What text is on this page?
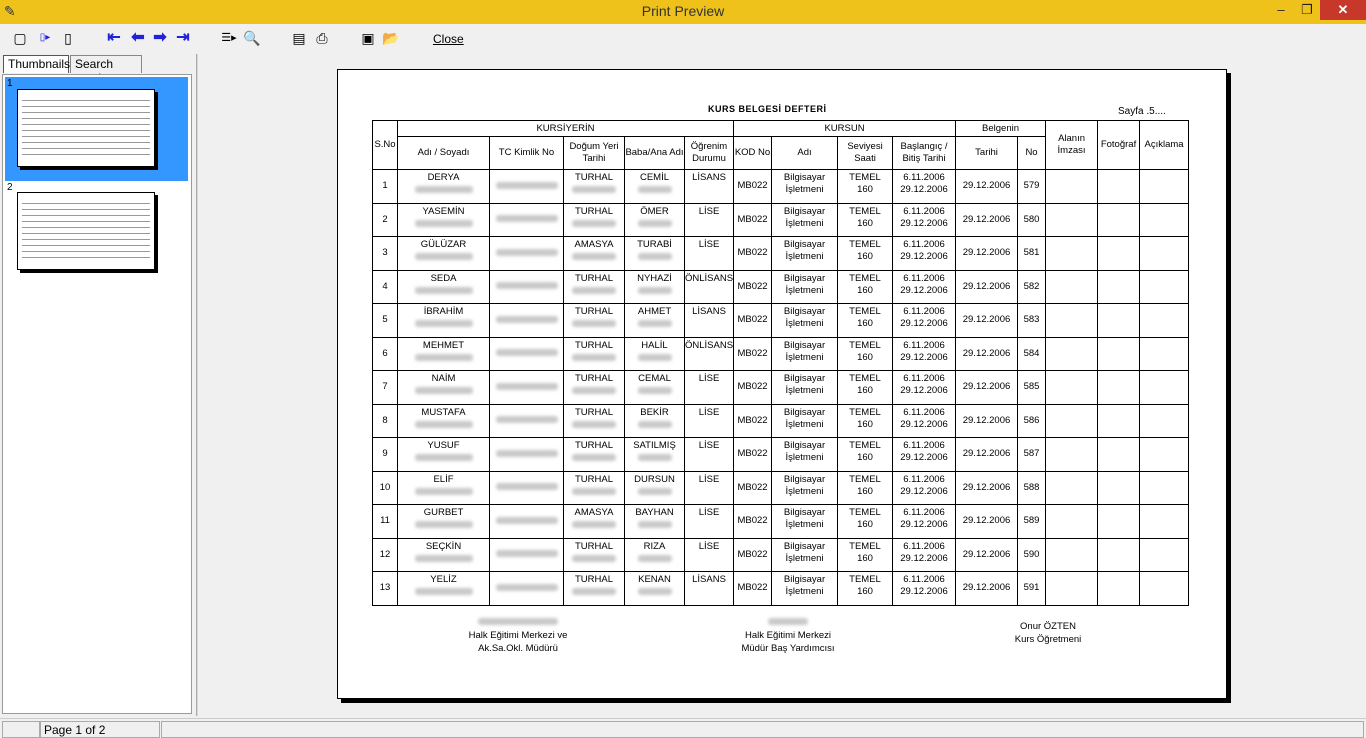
✎	Print Preview	–	❐	✕
▢	▯▸ ▯ ⇤ ⬅ ➡ ⇥	☰▸ 🔍 ▤ ⎙	▣ 📂	Close
Thumbnails Search
1
2
KURS BELGESİ DEFTERİ	Sayfa .5....
S.No	KURSİYERİN					KURSUN				Belgenin		Alanın İmzası	Fotoğraf	Açıklama
	Adı / Soyadı	TC Kimlik No	Doğum Yeri Tarihi	Baba/Ana Adı	Öğrenim Durumu	KOD No	Adı	Seviyesi Saati	Başlangıç / Bitiş Tarihi	Tarihi	No			
1	DERYA		TURHAL	CEMİL	LİSANS	MB022	Bilgisayar
İşletmeni	TEMEL
160	6.11.2006
29.12.2006	29.12.2006	579			
2	YASEMİN		TURHAL	ÖMER	LİSE	MB022	Bilgisayar
İşletmeni	TEMEL
160	6.11.2006
29.12.2006	29.12.2006	580			
3	GÜLÜZAR		AMASYA	TURABİ	LİSE	MB022	Bilgisayar
İşletmeni	TEMEL
160	6.11.2006
29.12.2006	29.12.2006	581			
4	SEDA		TURHAL	NYHAZİ	ÖNLİSANS	MB022	Bilgisayar
İşletmeni	TEMEL
160	6.11.2006
29.12.2006	29.12.2006	582			
5	İBRAHİM		TURHAL	AHMET	LİSANS	MB022	Bilgisayar
İşletmeni	TEMEL
160	6.11.2006
29.12.2006	29.12.2006	583			
6	MEHMET		TURHAL	HALİL	ÖNLİSANS	MB022	Bilgisayar
İşletmeni	TEMEL
160	6.11.2006
29.12.2006	29.12.2006	584			
7	NAİM		TURHAL	CEMAL	LİSE	MB022	Bilgisayar
İşletmeni	TEMEL
160	6.11.2006
29.12.2006	29.12.2006	585			
8	MUSTAFA		TURHAL	BEKİR	LİSE	MB022	Bilgisayar
İşletmeni	TEMEL
160	6.11.2006
29.12.2006	29.12.2006	586			
9	YUSUF		TURHAL	SATILMIŞ	LİSE	MB022	Bilgisayar
İşletmeni	TEMEL
160	6.11.2006
29.12.2006	29.12.2006	587			
10	ELİF		TURHAL	DURSUN	LİSE	MB022	Bilgisayar
İşletmeni	TEMEL
160	6.11.2006
29.12.2006	29.12.2006	588			
11	GURBET		AMASYA	BAYHAN	LİSE	MB022	Bilgisayar
İşletmeni	TEMEL
160	6.11.2006
29.12.2006	29.12.2006	589			
12	SEÇKİN		TURHAL	RIZA	LİSE	MB022	Bilgisayar
İşletmeni	TEMEL
160	6.11.2006
29.12.2006	29.12.2006	590			
13	YELİZ		TURHAL	KENAN	LİSANS	MB022	Bilgisayar
İşletmeni	TEMEL
160	6.11.2006
29.12.2006	29.12.2006	591			

Halk Eğitimi Merkezi ve
Ak.Sa.Okl. Müdürü

Halk Eğitimi Merkezi
Müdür Baş Yardımcısı
Onur ÖZTEN
Kurs Öğretmeni
Page 1 of 2
